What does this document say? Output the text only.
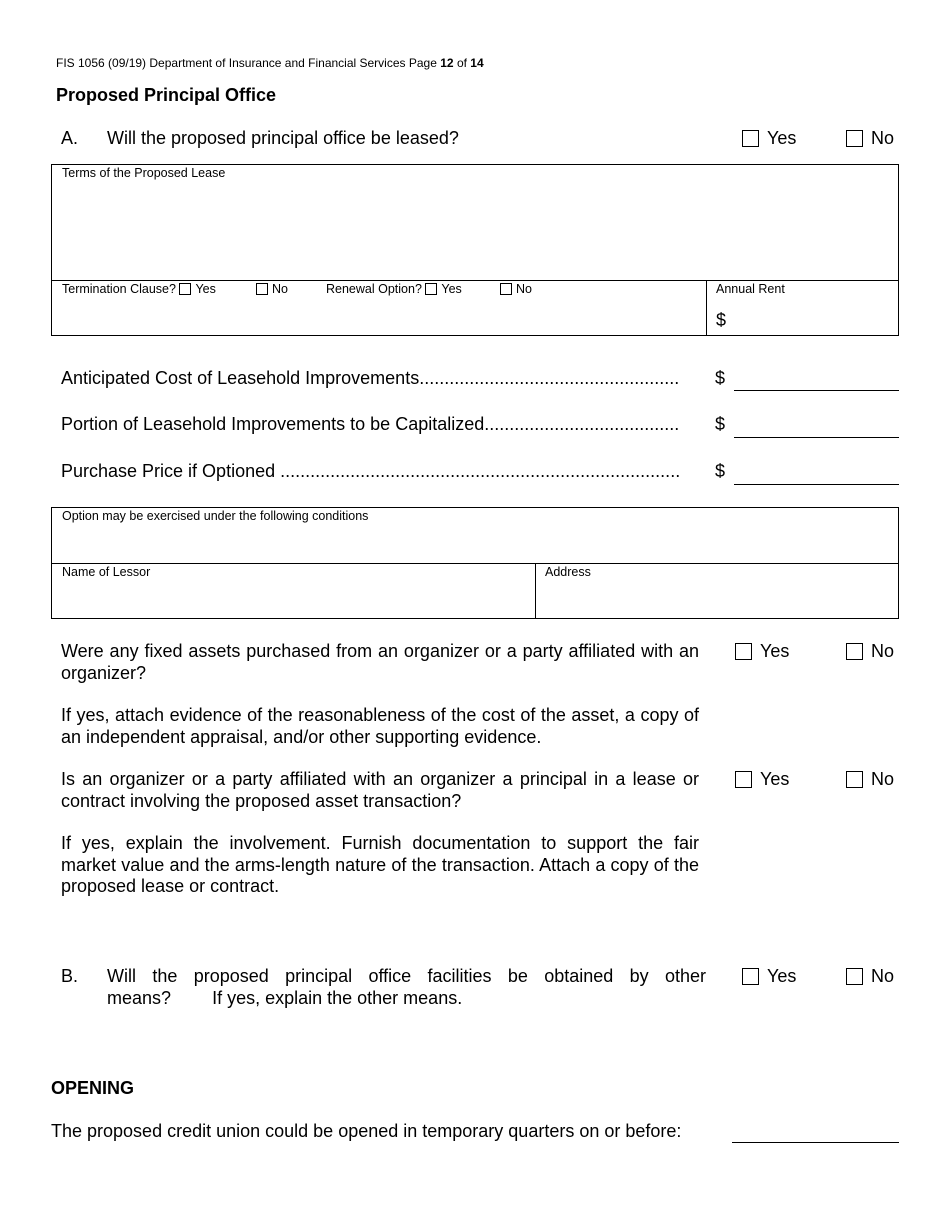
FIS 1056 (09/19) Department of Insurance and Financial Services Page 12 of 14
Proposed Principal Office
A. Will the proposed principal office be leased?	Yes	No
Terms of the Proposed Lease
Termination Clause? Yes	No	Renewal Option? Yes	No	Annual Rent
$
Anticipated Cost of Leasehold Improvements....................................................	$
Portion of Leasehold Improvements to be Capitalized.......................................	$
Purchase Price if Optioned ................................................................................	$
Option may be exercised under the following conditions
Name of Lessor	Address
Were any fixed assets purchased from an organizer or a party affiliated with an organizer?
Yes	No
If yes, attach evidence of the reasonableness of the cost of the asset, a copy of an independent appraisal, and/or other supporting evidence.
Is an organizer or a party affiliated with an organizer a principal in a lease or contract involving the proposed asset transaction?
Yes	No
If yes, explain the involvement. Furnish documentation to support the fair market value and the arms-length nature of the transaction. Attach a copy of the proposed lease or contract.
B. Will the proposed principal office facilities be obtained by other
means? If yes, explain the other means.
Yes	No
OPENING
The proposed credit union could be opened in temporary quarters on or before:
